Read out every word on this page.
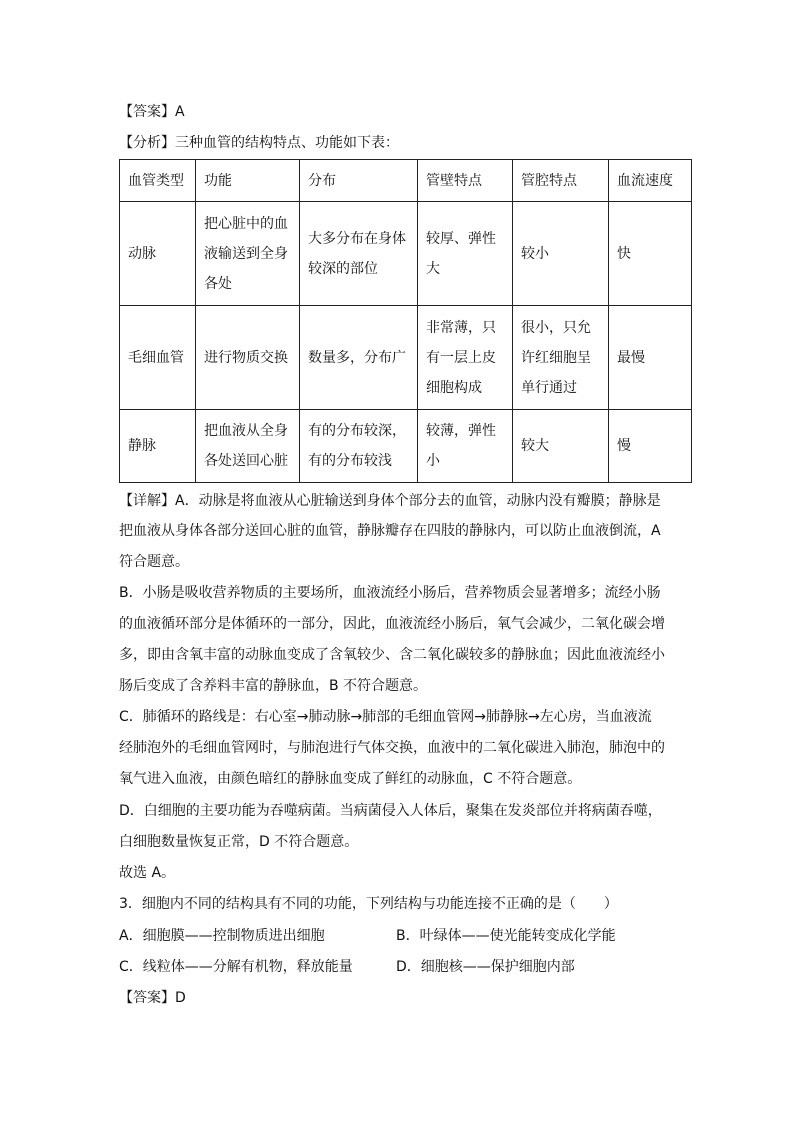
【答案】A
【分析】三种血管的结构特点、功能如下表：
血管类型	功能	分布	管壁特点	管腔特点	血流速度
动脉	把心脏中的血
液输送到全身
各处	大多分布在身体
较深的部位	较厚、弹性
大	较小	快
毛细血管	进行物质交换	数量多，分布广	非常薄，只
有一层上皮
细胞构成	很小，只允
许红细胞呈
单行通过	最慢
静脉	把血液从全身
各处送回心脏	有的分布较深，
有的分布较浅	较薄，弹性
小	较大	慢
【详解】A．动脉是将血液从心脏输送到身体个部分去的血管，动脉内没有瓣膜；静脉是
把血液从身体各部分送回心脏的血管，静脉瓣存在四肢的静脉内，可以防止血液倒流，A
符合题意。
B．小肠是吸收营养物质的主要场所，血液流经小肠后，营养物质会显著增多；流经小肠
的血液循环部分是体循环的一部分，因此，血液流经小肠后，氧气会减少，二氧化碳会增
多，即由含氧丰富的动脉血变成了含氧较少、含二氧化碳较多的静脉血；因此血液流经小
肠后变成了含养料丰富的静脉血，B 不符合题意。
C．肺循环的路线是：右心室→肺动脉→肺部的毛细血管网→肺静脉→左心房，当血液流
经肺泡外的毛细血管网时，与肺泡进行气体交换，血液中的二氧化碳进入肺泡，肺泡中的
氧气进入血液，由颜色暗红的静脉血变成了鲜红的动脉血，C 不符合题意。
D．白细胞的主要功能为吞噬病菌。当病菌侵入人体后，聚集在发炎部位并将病菌吞噬，
白细胞数量恢复正常，D 不符合题意。
故选 A。
3．细胞内不同的结构具有不同的功能，下列结构与功能连接不正确的是（　　）
A．细胞膜——控制物质进出细胞	B．叶绿体——使光能转变成化学能
C．线粒体——分解有机物，释放能量	D．细胞核——保护细胞内部
【答案】D
